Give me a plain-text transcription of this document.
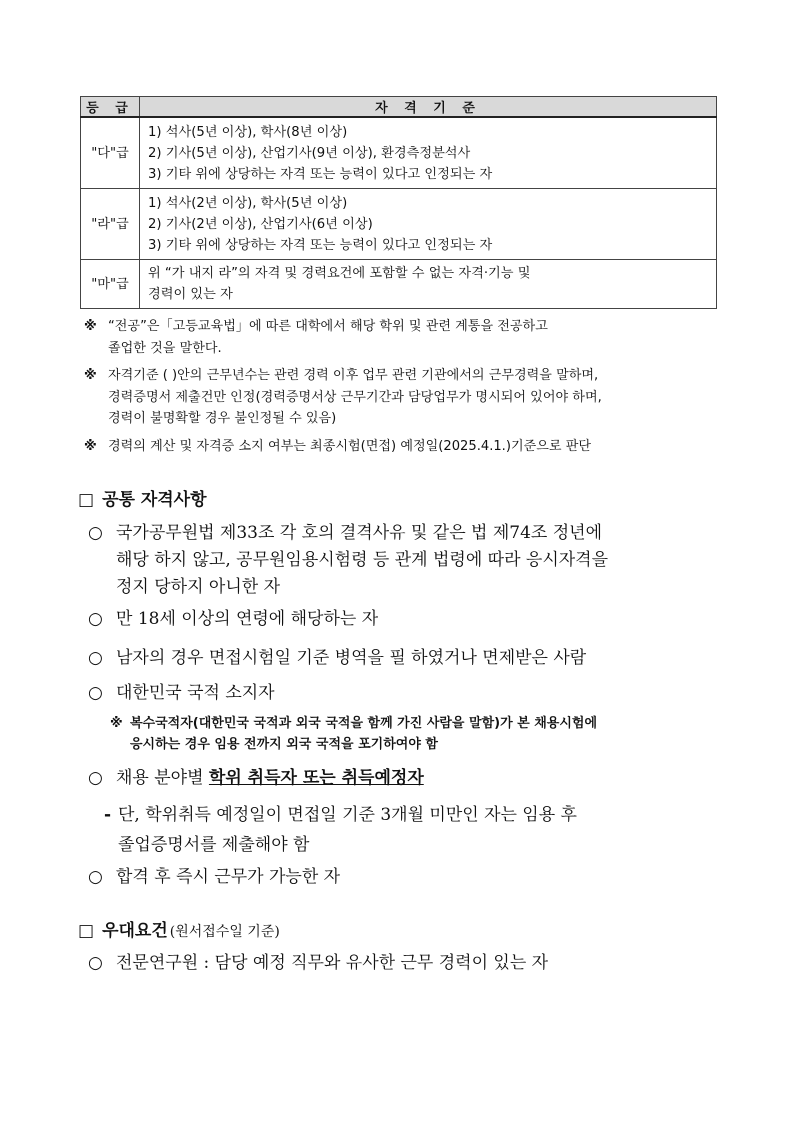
등 급	자 격 기 준
"다"급	1) 석사(5년 이상), 학사(8년 이상)
2) 기사(5년 이상), 산업기사(9년 이상), 환경측정분석사
3) 기타 위에 상당하는 자격 또는 능력이 있다고 인정되는 자

"라"급	1) 석사(2년 이상), 학사(5년 이상)
2) 기사(2년 이상), 산업기사(6년 이상)
3) 기타 위에 상당하는 자격 또는 능력이 있다고 인정되는 자

"마"급	위 “가 내지 라”의 자격 및 경력요건에 포함할 수 없는 자격·기능 및
경력이 있는 자
※ “전공”은「고등교육법」에 따른 대학에서 해당 학위 및 관련 계통을 전공하고
졸업한 것을 말한다.
※ 자격기준 ( )안의 근무년수는 관련 경력 이후 업무 관련 기관에서의 근무경력을 말하며,
경력증명서 제출건만 인정(경력증명서상 근무기간과 담당업무가 명시되어 있어야 하며,
경력이 불명확할 경우 불인정될 수 있음)
※ 경력의 계산 및 자격증 소지 여부는 최종시험(면접) 예정일(2025.4.1.)기준으로 판단
□ 공통 자격사항
○ 국가공무원법 제33조 각 호의 결격사유 및 같은 법 제74조 정년에
해당 하지 않고, 공무원임용시험령 등 관계 법령에 따라 응시자격을
정지 당하지 아니한 자
○ 만 18세 이상의 연령에 해당하는 자
○ 남자의 경우 면접시험일 기준 병역을 필 하였거나 면제받은 사람
○ 대한민국 국적 소지자
※ 복수국적자(대한민국 국적과 외국 국적을 함께 가진 사람을 말함)가 본 채용시험에
응시하는 경우 임용 전까지 외국 국적을 포기하여야 함
○ 채용 분야별 학위 취득자 또는 취득예정자
- 단, 학위취득 예정일이 면접일 기준 3개월 미만인 자는 임용 후
졸업증명서를 제출해야 함
○ 합격 후 즉시 근무가 가능한 자
□ 우대요건 (원서접수일 기준)
○ 전문연구원 : 담당 예정 직무와 유사한 근무 경력이 있는 자
